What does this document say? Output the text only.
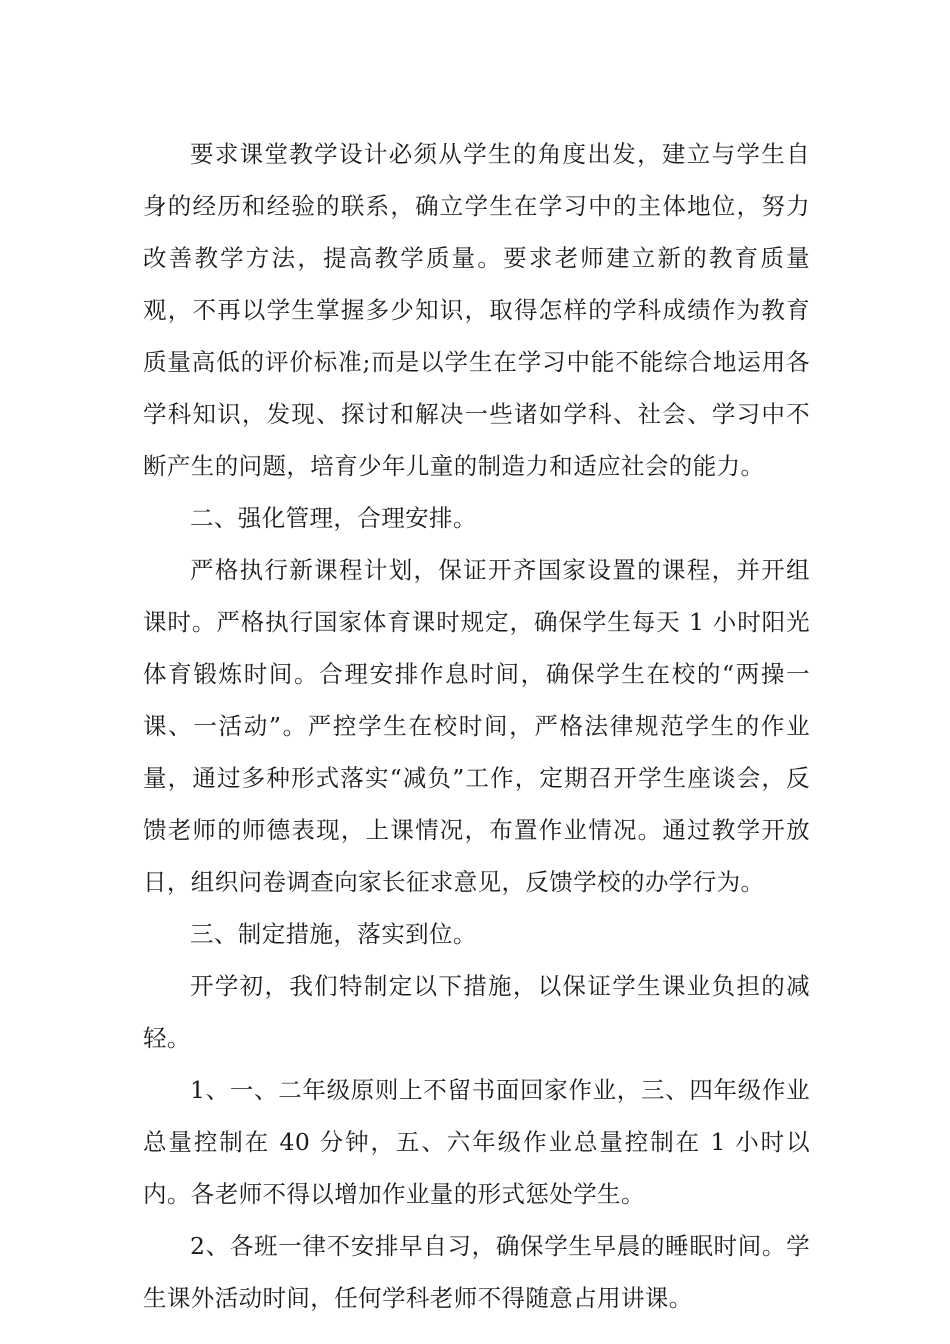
要求课堂教学设计必须从学生的角度出发，建立与学生自身的经历和经验的联系，确立学生在学习中的主体地位，努力改善教学方法，提高教学质量。要求老师建立新的教育质量观，不再以学生掌握多少知识，取得怎样的学科成绩作为教育质量高低的评价标准;而是以学生在学习中能不能综合地运用各学科知识，发现、探讨和解决一些诸如学科、社会、学习中不断产生的问题，培育少年儿童的制造力和适应社会的能力。

二、强化管理，合理安排。

严格执行新课程计划，保证开齐国家设置的课程，并开组课时。严格执行国家体育课时规定，确保学生每天 1 小时阳光体育锻炼时间。合理安排作息时间，确保学生在校的“两操一课、一活动”。严控学生在校时间，严格法律规范学生的作业量，通过多种形式落实“减负”工作，定期召开学生座谈会，反馈老师的师德表现，上课情况，布置作业情况。通过教学开放日，组织问卷调查向家长征求意见，反馈学校的办学行为。

三、制定措施，落实到位。

开学初，我们特制定以下措施，以保证学生课业负担的减轻。

1、一、二年级原则上不留书面回家作业，三、四年级作业总量控制在 40 分钟，五、六年级作业总量控制在 1 小时以内。各老师不得以增加作业量的形式惩处学生。

2、各班一律不安排早自习，确保学生早晨的睡眠时间。学生课外活动时间，任何学科老师不得随意占用讲课。
